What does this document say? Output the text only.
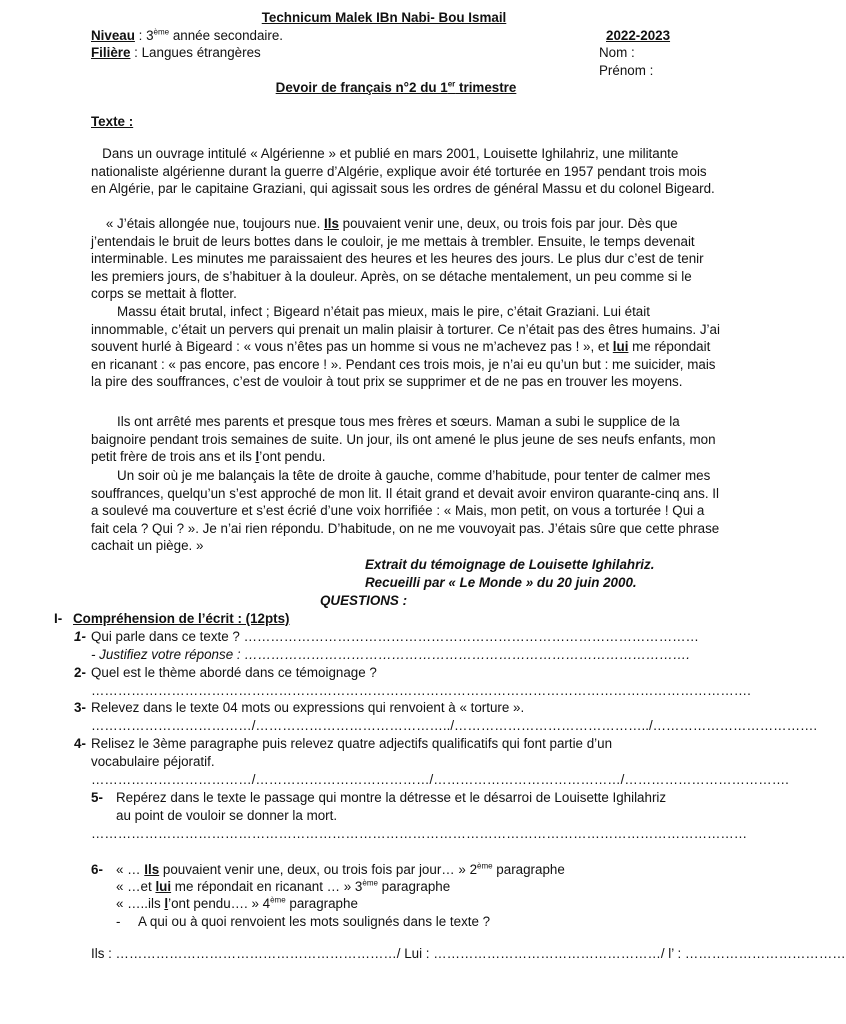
Technicum Malek IBn Nabi- Bou Ismail
Niveau : 3ème année secondaire.	2022-2023
Filière : Langues étrangères	Nom :
Prénom :
Devoir de français n°2 du 1er trimestre
Texte :
Dans un ouvrage intitulé « Algérienne » et publié en mars 2001, Louisette Ighilahriz, une militante nationaliste algérienne durant la guerre d’Algérie, explique avoir été torturée en 1957 pendant trois mois en Algérie, par le capitaine Graziani, qui agissait sous les ordres de général Massu et du colonel Bigeard.
« J’étais allongée nue, toujours nue. Ils pouvaient venir une, deux, ou trois fois par jour. Dès que j’entendais le bruit de leurs bottes dans le couloir, je me mettais à trembler. Ensuite, le temps devenait interminable. Les minutes me paraissaient des heures et les heures des jours. Le plus dur c’est de tenir les premiers jours, de s’habituer à la douleur. Après, on se détache mentalement, un peu comme si le corps se mettait à flotter.
Massu était brutal, infect ; Bigeard n’était pas mieux, mais le pire, c’était Graziani. Lui était innommable, c’était un pervers qui prenait un malin plaisir à torturer. Ce n’était pas des êtres humains. J’ai souvent hurlé à Bigeard : « vous n’êtes pas un homme si vous ne m’achevez pas ! », et lui me répondait en ricanant : « pas encore, pas encore ! ». Pendant ces trois mois, je n’ai eu qu’un but : me suicider, mais la pire des souffrances, c’est de vouloir à tout prix se supprimer et de ne pas en trouver les moyens.
Ils ont arrêté mes parents et presque tous mes frères et sœurs. Maman a subi le supplice de la baignoire pendant trois semaines de suite. Un jour, ils ont amené le plus jeune de ses neufs enfants, mon petit frère de trois ans et ils l’ont pendu.
Un soir où je me balançais la tête de droite à gauche, comme d’habitude, pour tenter de calmer mes souffrances, quelqu’un s’est approché de mon lit. Il était grand et devait avoir environ quarante-cinq ans. Il a soulevé ma couverture et s’est écrié d’une voix horrifiée : « Mais, mon petit, on vous a torturée ! Qui a fait cela ? Qui ? ». Je n’ai rien répondu. D’habitude, on ne me vouvoyait pas. J’étais sûre que cette phrase cachait un piège. »
Extrait du témoignage de Louisette Ighilahriz.
Recueilli par « Le Monde » du 20 juin 2000.
QUESTIONS :
I- Compréhension de l’écrit : (12pts)
1- Qui parle dans ce texte ? …………………………………………………………………………………………
- Justifiez votre réponse : ……………………………………………………………………………………….
2- Quel est le thème abordé dans ce témoignage ?
………………………………………………………………………………………………………………………………….
3- Relevez dans le texte 04 mots ou expressions qui renvoient à « torture ».
………………………………/……………………………………../……………………………………../……………………………….
4- Relisez le 3ème paragraphe puis relevez quatre adjectifs qualificatifs qui font partie d’un vocabulaire péjoratif.
………………………………/…………………………………/……………………………………/……………………………….
5- Repérez dans le texte le passage qui montre la détresse et le désarroi de Louisette Ighilahriz au point de vouloir se donner la mort.
…………………………………………………………………………………………………………………………………
6- « … Ils pouvaient venir une, deux, ou trois fois par jour… » 2ème paragraphe
« …et lui me répondait en ricanant … » 3ème paragraphe
« …..ils l’ont pendu…. » 4ème paragraphe
- A qui ou à quoi renvoient les mots soulignés dans le texte ?
Ils : ………………………………………………………/ Lui : ……………………………………………/ l’ : ………………………………
